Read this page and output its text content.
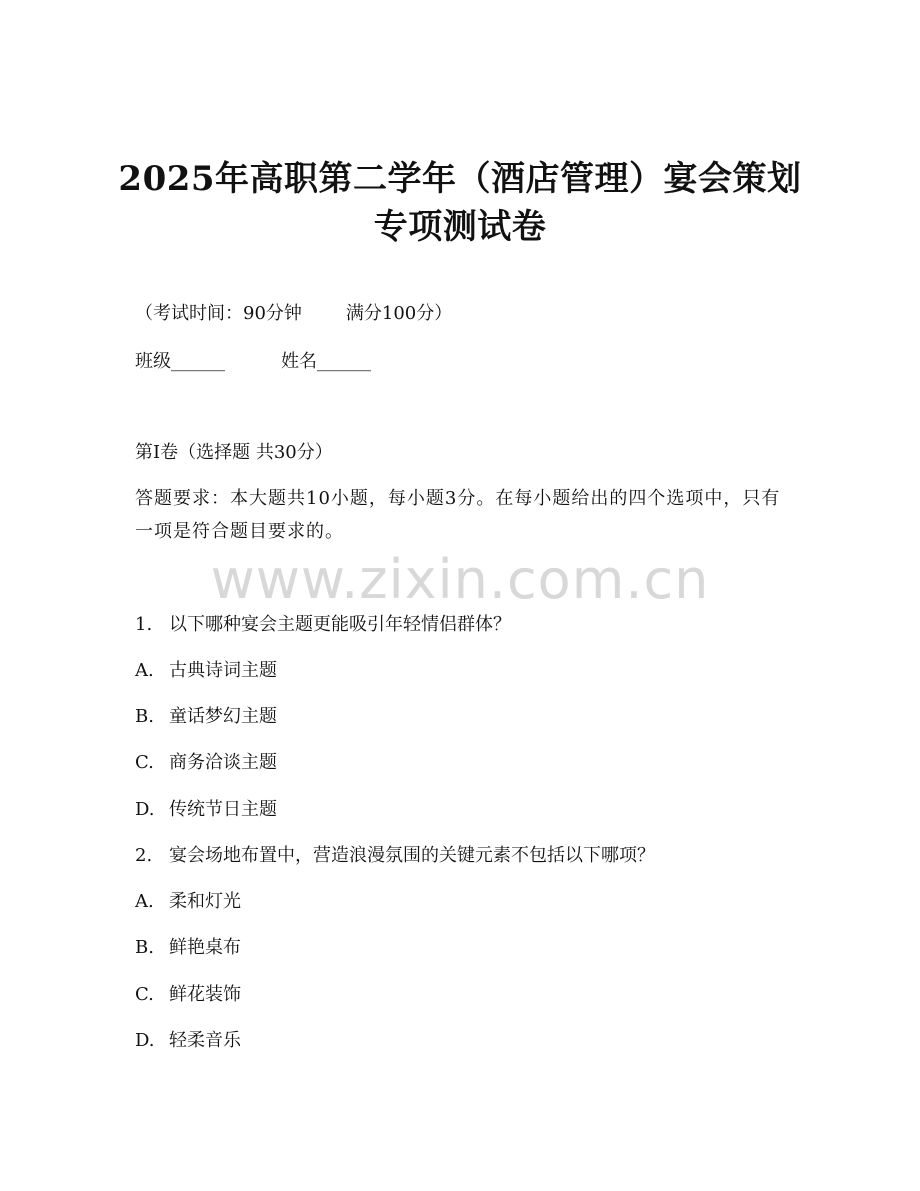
2025年高职第二学年（酒店管理）宴会策划
专项测试卷
（考试时间：90分钟 满分100分）
班级______	姓名______
第I卷（选择题 共30分）
答题要求：本大题共10小题，每小题3分。在每小题给出的四个选项中，只有一项是符合题目要求的。
www.zixin.com.cn
1. 以下哪种宴会主题更能吸引年轻情侣群体？
A. 古典诗词主题
B. 童话梦幻主题
C. 商务洽谈主题
D. 传统节日主题
2. 宴会场地布置中，营造浪漫氛围的关键元素不包括以下哪项？
A. 柔和灯光
B. 鲜艳桌布
C. 鲜花装饰
D. 轻柔音乐
